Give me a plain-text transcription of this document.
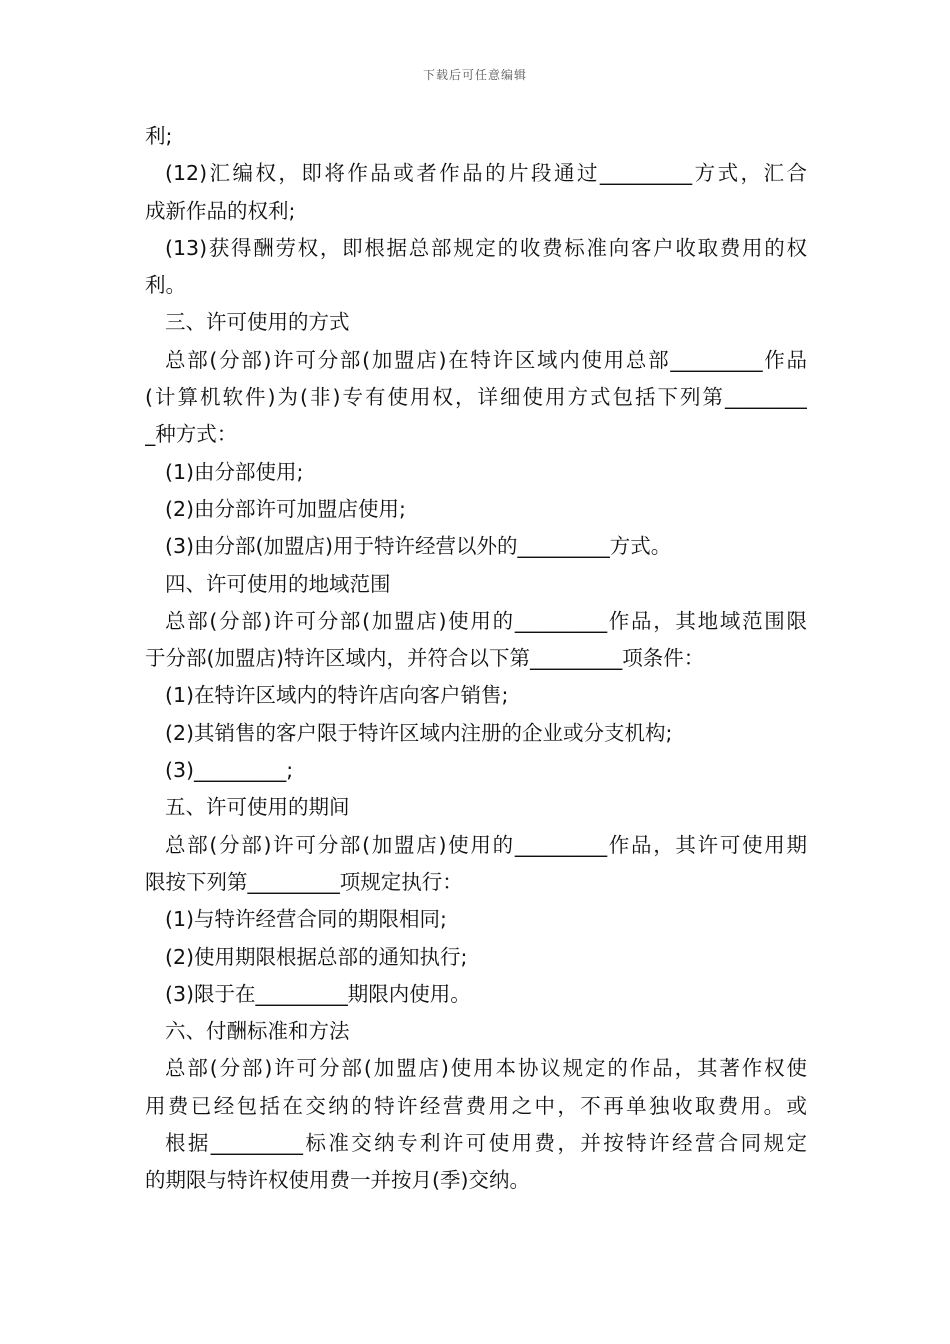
下载后可任意编辑
利;
(12)汇编权，即将作品或者作品的片段通过_________方式，汇合
成新作品的权利;
(13)获得酬劳权，即根据总部规定的收费标准向客户收取费用的权
利。
三、许可使用的方式
总部(分部)许可分部(加盟店)在特许区域内使用总部_________作品
(计算机软件)为(非)专有使用权，详细使用方式包括下列第________
_种方式：
(1)由分部使用;
(2)由分部许可加盟店使用;
(3)由分部(加盟店)用于特许经营以外的_________方式。
四、许可使用的地域范围
总部(分部)许可分部(加盟店)使用的_________作品，其地域范围限
于分部(加盟店)特许区域内，并符合以下第_________项条件：
(1)在特许区域内的特许店向客户销售;
(2)其销售的客户限于特许区域内注册的企业或分支机构;
(3)_________;
五、许可使用的期间
总部(分部)许可分部(加盟店)使用的_________作品，其许可使用期
限按下列第_________项规定执行：
(1)与特许经营合同的期限相同;
(2)使用期限根据总部的通知执行;
(3)限于在_________期限内使用。
六、付酬标准和方法
总部(分部)许可分部(加盟店)使用本协议规定的作品，其著作权使
用费已经包括在交纳的特许经营费用之中，不再单独收取费用。或
根据_________标准交纳专利许可使用费，并按特许经营合同规定
的期限与特许权使用费一并按月(季)交纳。
